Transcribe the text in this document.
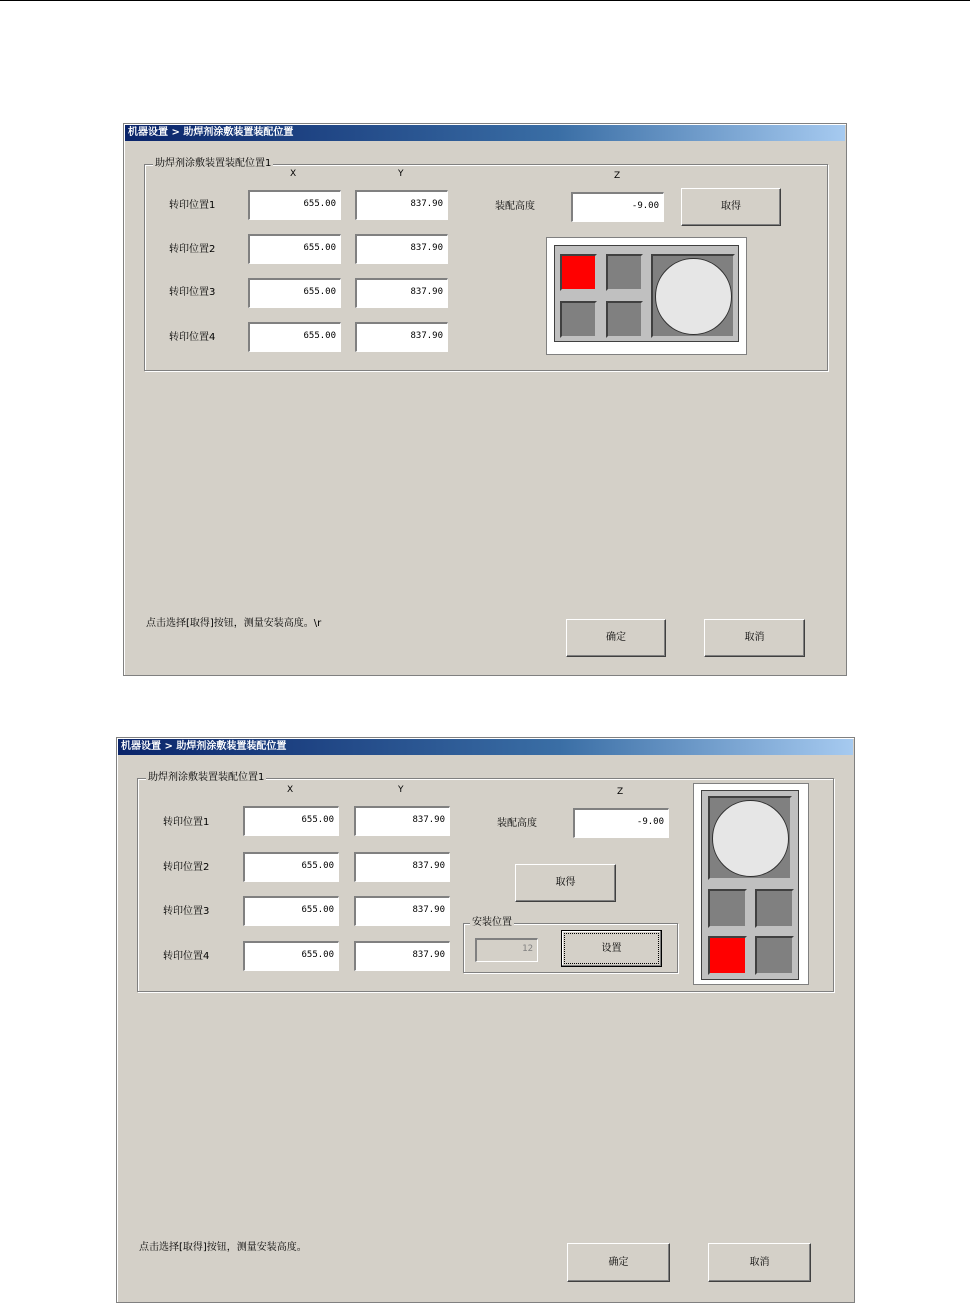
机器设置 > 助焊剂涂敷装置装配位置
助焊剂涂敷装置装配位置1
X	Y	Z
转印位置1	655.00	837.90
转印位置2	655.00	837.90
转印位置3	655.00	837.90
转印位置4	655.00	837.90
装配高度	-9.00	取得
点击选择[取得]按钮，测量安装高度。\r
确定	取消
机器设置 > 助焊剂涂敷装置装配位置
助焊剂涂敷装置装配位置1
X	Y	Z
转印位置1	655.00	837.90
转印位置2	655.00	837.90
转印位置3	655.00	837.90
转印位置4	655.00	837.90
装配高度	-9.00
取得
安装位置
12	设置
点击选择[取得]按钮，测量安装高度。
确定	取消
